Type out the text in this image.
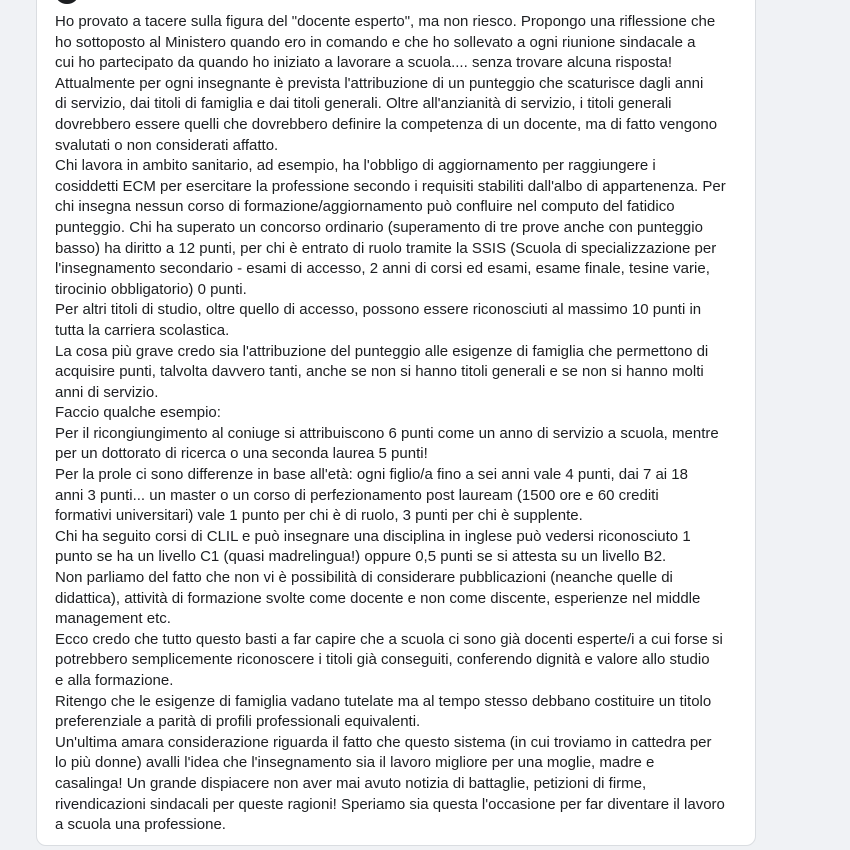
Ho provato a tacere sulla figura del "docente esperto", ma non riesco. Propongo una riflessione che
ho sottoposto al Ministero quando ero in comando e che ho sollevato a ogni riunione sindacale a
cui ho partecipato da quando ho iniziato a lavorare a scuola.... senza trovare alcuna risposta!
Attualmente per ogni insegnante è prevista l'attribuzione di un punteggio che scaturisce dagli anni
di servizio, dai titoli di famiglia e dai titoli generali. Oltre all'anzianità di servizio, i titoli generali
dovrebbero essere quelli che dovrebbero definire la competenza di un docente, ma di fatto vengono
svalutati o non considerati affatto.
Chi lavora in ambito sanitario, ad esempio, ha l'obbligo di aggiornamento per raggiungere i
cosiddetti ECM per esercitare la professione secondo i requisiti stabiliti dall'albo di appartenenza. Per
chi insegna nessun corso di formazione/aggiornamento può confluire nel computo del fatidico
punteggio. Chi ha superato un concorso ordinario (superamento di tre prove anche con punteggio
basso) ha diritto a 12 punti, per chi è entrato di ruolo tramite la SSIS (Scuola di specializzazione per
l'insegnamento secondario - esami di accesso, 2 anni di corsi ed esami, esame finale, tesine varie,
tirocinio obbligatorio) 0 punti.
Per altri titoli di studio, oltre quello di accesso, possono essere riconosciuti al massimo 10 punti in
tutta la carriera scolastica.
La cosa più grave credo sia l'attribuzione del punteggio alle esigenze di famiglia che permettono di
acquisire punti, talvolta davvero tanti, anche se non si hanno titoli generali e se non si hanno molti
anni di servizio.
Faccio qualche esempio:
Per il ricongiungimento al coniuge si attribuiscono 6 punti come un anno di servizio a scuola, mentre
per un dottorato di ricerca o una seconda laurea 5 punti!
Per la prole ci sono differenze in base all'età: ogni figlio/a fino a sei anni vale 4 punti, dai 7 ai 18
anni 3 punti... un master o un corso di perfezionamento post lauream (1500 ore e 60 crediti
formativi universitari) vale 1 punto per chi è di ruolo, 3 punti per chi è supplente.
Chi ha seguito corsi di CLIL e può insegnare una disciplina in inglese può vedersi riconosciuto 1
punto se ha un livello C1 (quasi madrelingua!) oppure 0,5 punti se si attesta su un livello B2.
Non parliamo del fatto che non vi è possibilità di considerare pubblicazioni (neanche quelle di
didattica), attività di formazione svolte come docente e non come discente, esperienze nel middle
management etc.
Ecco credo che tutto questo basti a far capire che a scuola ci sono già docenti esperte/i a cui forse si
potrebbero semplicemente riconoscere i titoli già conseguiti, conferendo dignità e valore allo studio
e alla formazione.
Ritengo che le esigenze di famiglia vadano tutelate ma al tempo stesso debbano costituire un titolo
preferenziale a parità di profili professionali equivalenti.
Un'ultima amara considerazione riguarda il fatto che questo sistema (in cui troviamo in cattedra per
lo più donne) avalli l'idea che l'insegnamento sia il lavoro migliore per una moglie, madre e
casalinga! Un grande dispiacere non aver mai avuto notizia di battaglie, petizioni di firme,
rivendicazioni sindacali per queste ragioni! Speriamo sia questa l'occasione per far diventare il lavoro
a scuola una professione.
